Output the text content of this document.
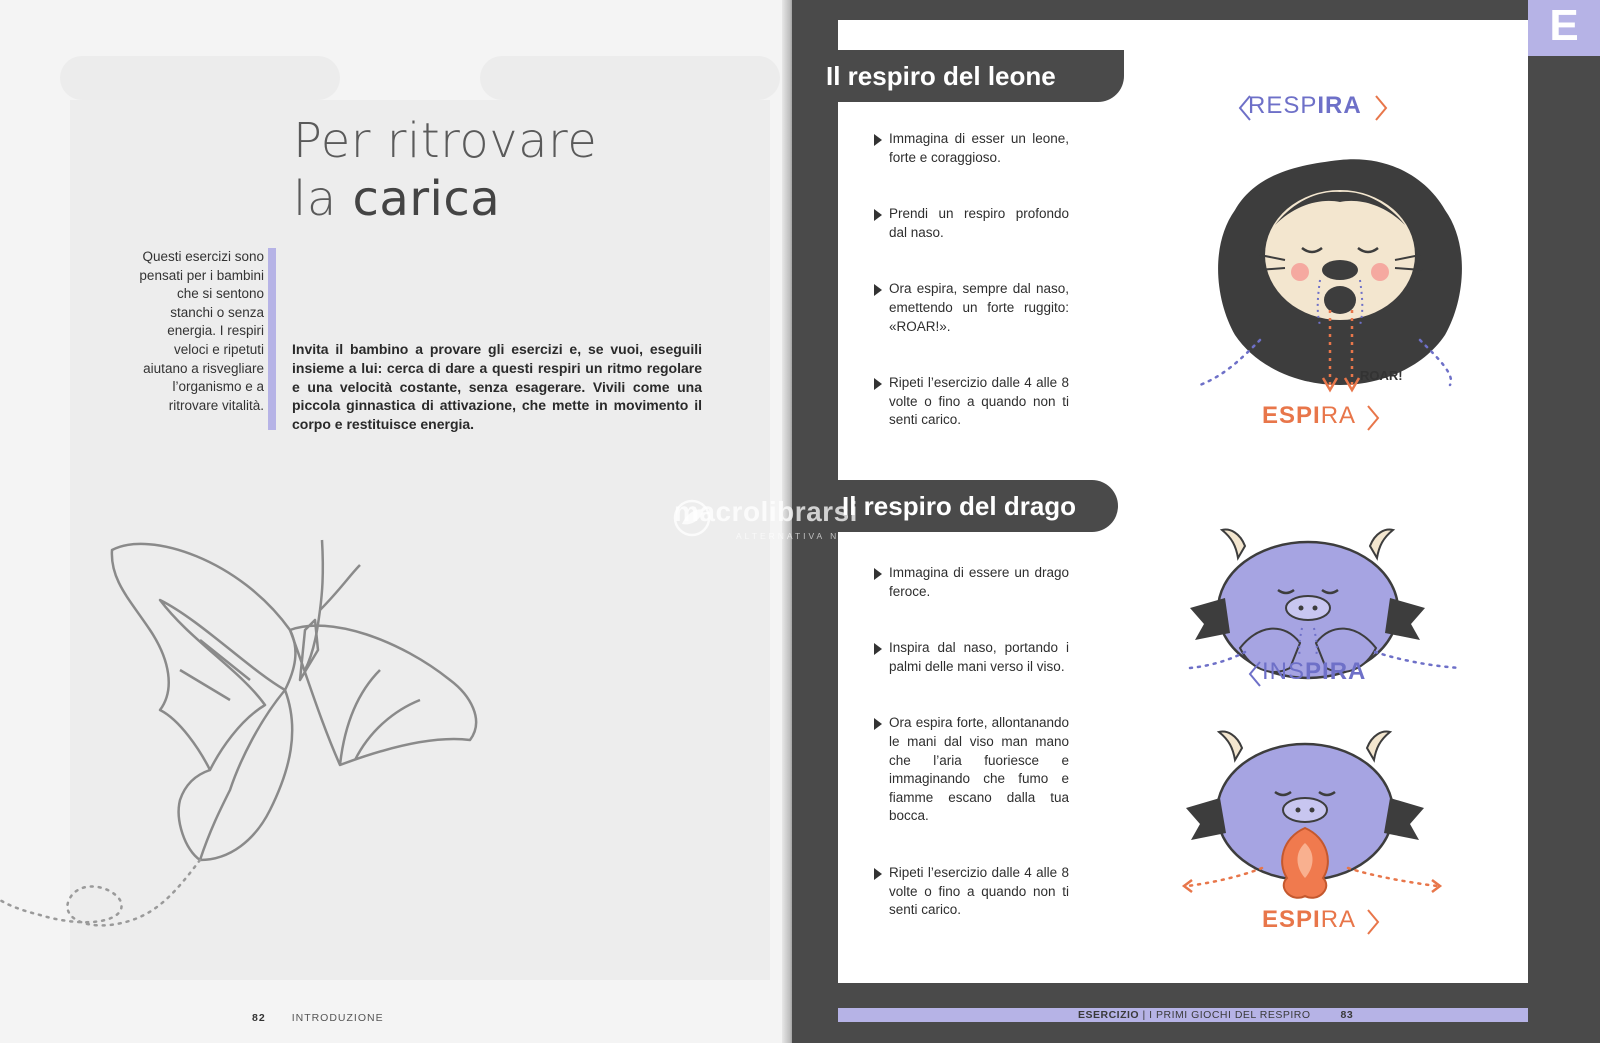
Per ritrovare
la carica
Questi esercizi sono pensati per i bambini che si sentono stanchi o senza energia. I respiri veloci e ripetuti aiutano a risvegliare l’organismo e a ritrovare vitalità.
Invita il bambino a provare gli esercizi e, se vuoi, eseguili insieme a lui: cerca di dare a questi respiri un ritmo regolare e una velocità costante, senza esagerare. Vivili come una piccola ginnastica di attivazione, che mette in movimento il corpo e restituisce energia.
82 INTRODUZIONE
E
Il respiro del leone
Immagina di esser un leone, forte e coraggioso.
Prendi un respiro profondo dal naso.
Ora espira, sempre dal naso, emettendo un forte ruggito: «ROAR!».
Ripeti l’esercizio dalle 4 alle 8 volte o fino a quando non ti senti carico.
RESPIRA
ROAR!
ESPIRA
Il respiro del drago
Immagina di essere un drago feroce.
Inspira dal naso, portando i palmi delle mani verso il viso.
Ora espira forte, allontanando le mani dal viso man mano che l’aria fuoriesce e immaginando che fumo e fiamme escano dalla tua bocca.
Ripeti l’esercizio dalle 4 alle 8 volte o fino a quando non ti senti carico.
INSPIRA
ESPIRA
ESERCIZIO | I PRIMI GIOCHI DEL RESPIRO	83
macrolibrarsi
ALTERNATIVA NATURALE
